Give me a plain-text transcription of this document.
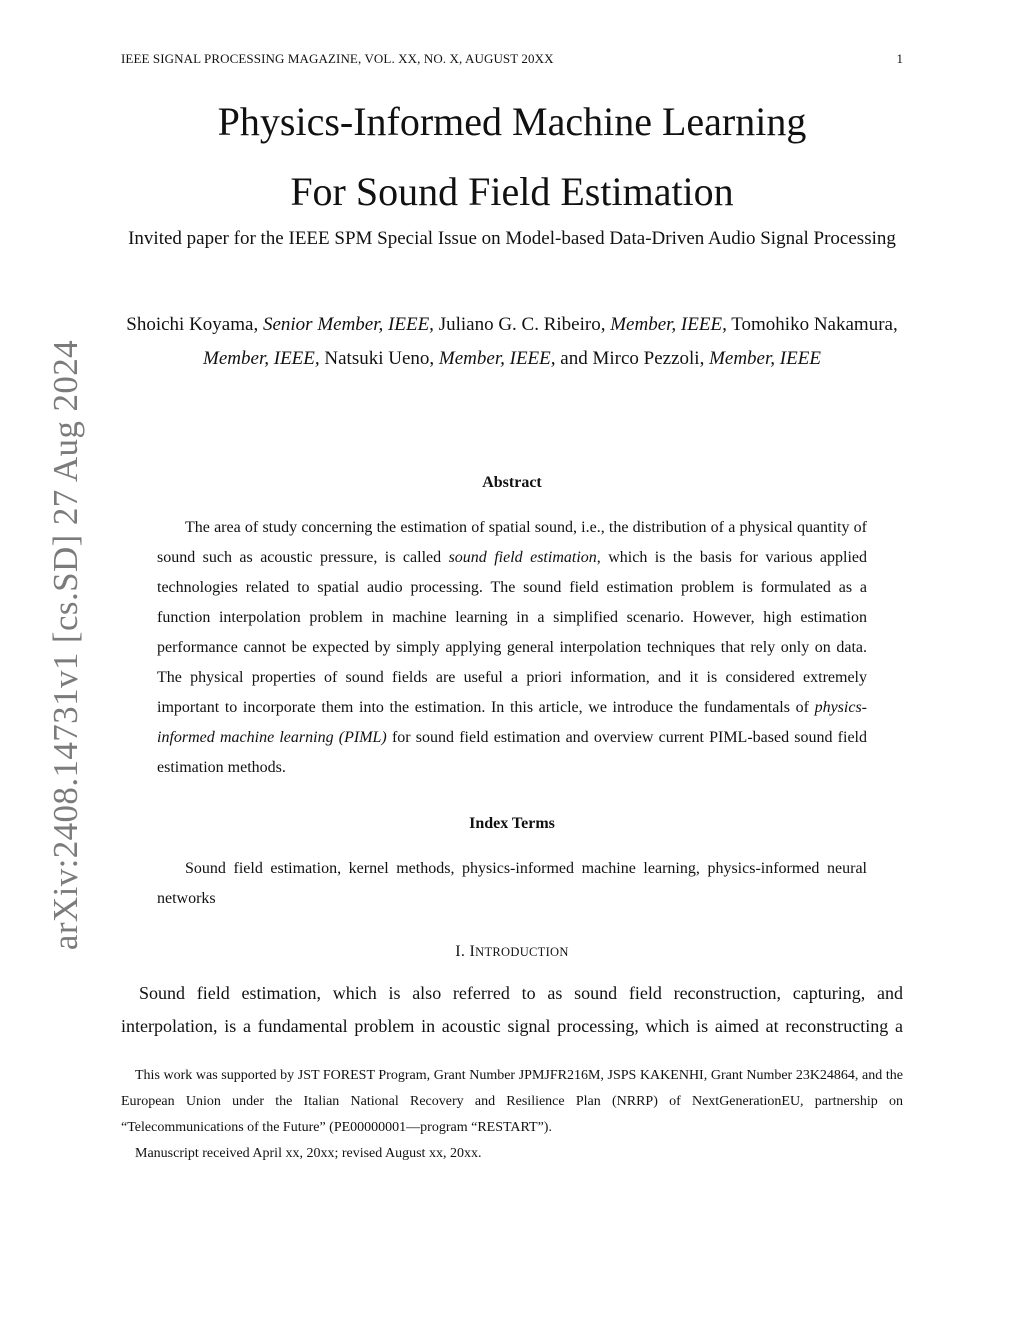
IEEE SIGNAL PROCESSING MAGAZINE, VOL. XX, NO. X, AUGUST 20XX	1
arXiv:2408.14731v1 [cs.SD] 27 Aug 2024
Physics-Informed Machine Learning
For Sound Field Estimation
Invited paper for the IEEE SPM Special Issue on Model-based Data-Driven Audio Signal Processing
Shoichi Koyama, Senior Member, IEEE, Juliano G. C. Ribeiro, Member, IEEE, Tomohiko Nakamura, Member, IEEE, Natsuki Ueno, Member, IEEE, and Mirco Pezzoli, Member, IEEE
Abstract
The area of study concerning the estimation of spatial sound, i.e., the distribution of a physical quantity of sound such as acoustic pressure, is called sound field estimation, which is the basis for various applied technologies related to spatial audio processing. The sound field estimation problem is formulated as a function interpolation problem in machine learning in a simplified scenario. However, high estimation performance cannot be expected by simply applying general interpolation techniques that rely only on data. The physical properties of sound fields are useful a priori information, and it is considered extremely important to incorporate them into the estimation. In this article, we introduce the fundamentals of physics-informed machine learning (PIML) for sound field estimation and overview current PIML-based sound field estimation methods.
Index Terms
Sound field estimation, kernel methods, physics-informed machine learning, physics-informed neural networks
I. INTRODUCTION
Sound field estimation, which is also referred to as sound field reconstruction, capturing, and interpolation, is a fundamental problem in acoustic signal processing, which is aimed at reconstructing a
This work was supported by JST FOREST Program, Grant Number JPMJFR216M, JSPS KAKENHI, Grant Number 23K24864, and the European Union under the Italian National Recovery and Resilience Plan (NRRP) of NextGenerationEU, partnership on “Telecommunications of the Future” (PE00000001—program “RESTART”).
Manuscript received April xx, 20xx; revised August xx, 20xx.
